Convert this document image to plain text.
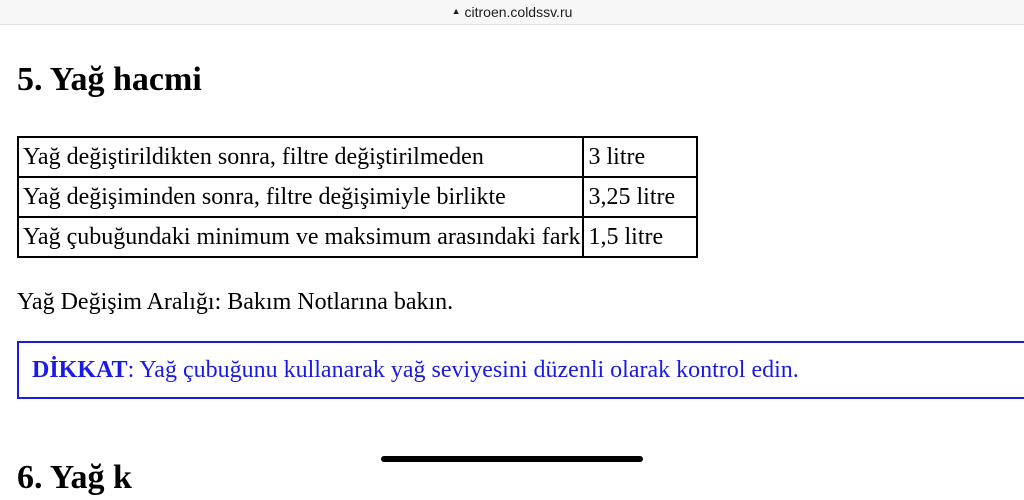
▲ citroen.coldssv.ru
5. Yağ hacmi
Yağ değiştirildikten sonra, filtre değiştirilmeden	3 litre
Yağ değişiminden sonra, filtre değişimiyle birlikte	3,25 litre
Yağ çubuğundaki minimum ve maksimum arasındaki fark	1,5 litre

Yağ Değişim Aralığı: Bakım Notlarına bakın.

DİKKAT : Yağ çubuğunu kullanarak yağ seviyesini düzenli olarak kontrol edin.
6. Yağ k
